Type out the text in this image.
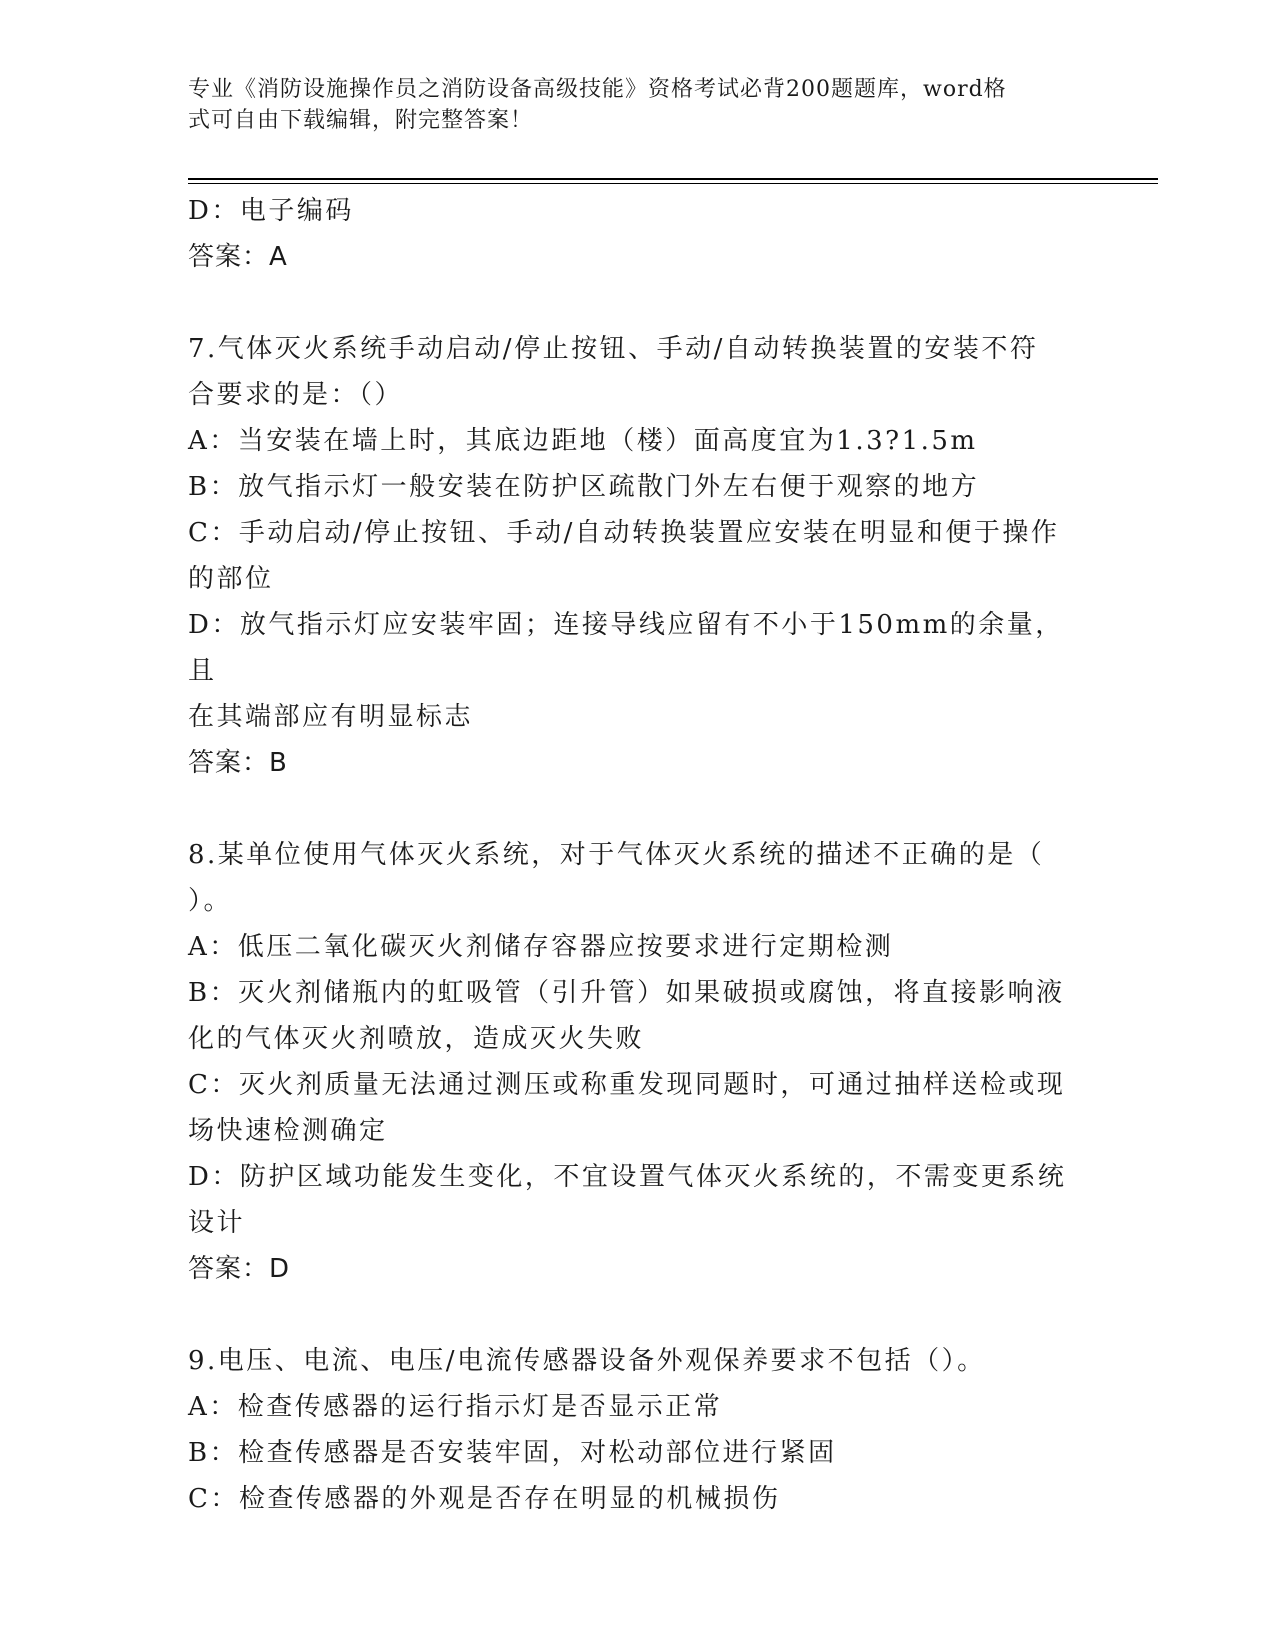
专业《消防设施操作员之消防设备高级技能》资格考试必背200题题库，word格
式可自由下载编辑，附完整答案！
D：电子编码
答案：A
7.气体灭火系统手动启动/停止按钮、手动/自动转换装置的安装不符
合要求的是：（）
A：当安装在墙上时，其底边距地（楼）面高度宜为1.3?1.5m
B：放气指示灯一般安装在防护区疏散门外左右便于观察的地方
C：手动启动/停止按钮、手动/自动转换装置应安装在明显和便于操作
的部位
D：放气指示灯应安装牢固；连接导线应留有不小于150mm的余量，且
在其端部应有明显标志
答案：B
8.某单位使用气体灭火系统，对于气体灭火系统的描述不正确的是（
）。
A：低压二氧化碳灭火剂储存容器应按要求进行定期检测
B：灭火剂储瓶内的虹吸管（引升管）如果破损或腐蚀，将直接影响液
化的气体灭火剂喷放，造成灭火失败
C：灭火剂质量无法通过测压或称重发现同题时，可通过抽样送检或现
场快速检测确定
D：防护区域功能发生变化，不宜设置气体灭火系统的，不需变更系统
设计
答案：D
9.电压、电流、电压/电流传感器设备外观保养要求不包括（）。
A：检查传感器的运行指示灯是否显示正常
B：检查传感器是否安装牢固，对松动部位进行紧固
C：检查传感器的外观是否存在明显的机械损伤
